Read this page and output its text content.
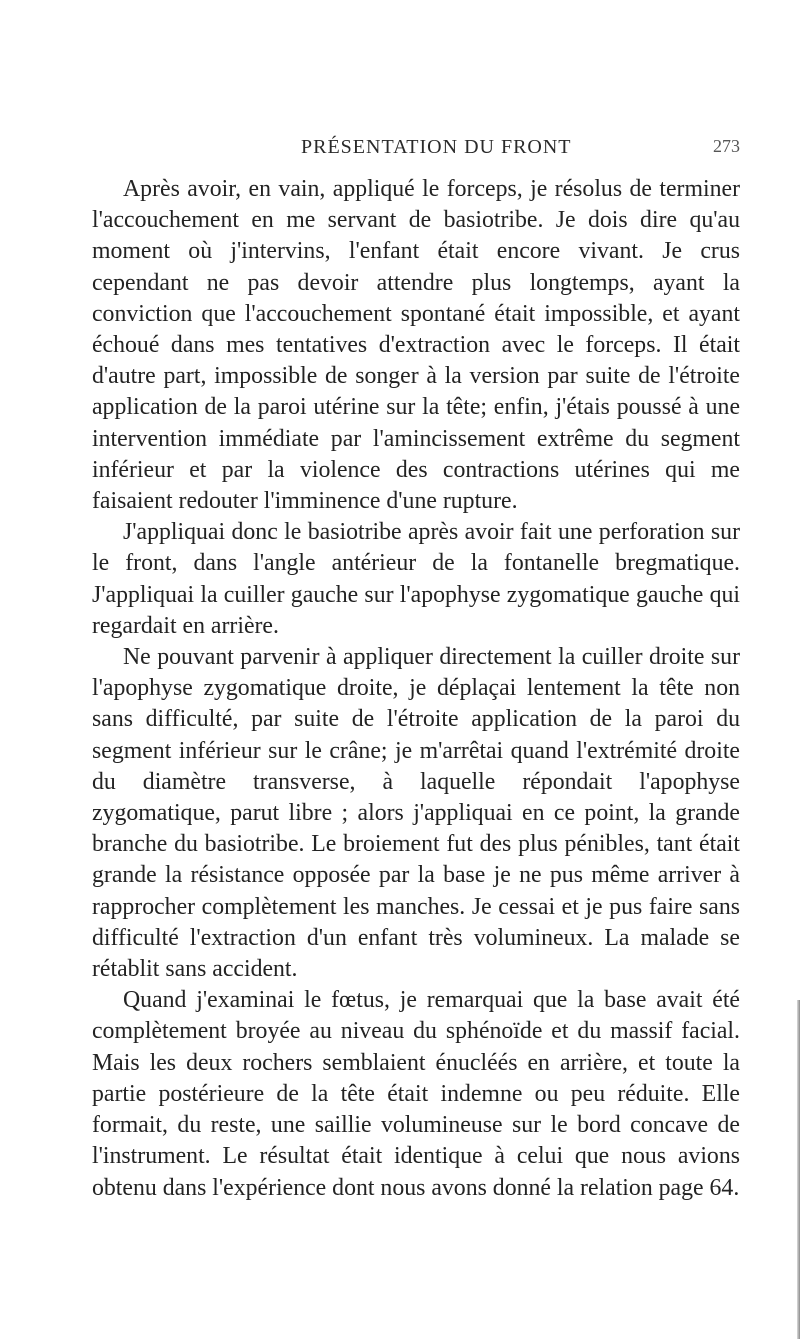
PRÉSENTATION DU FRONT	273

Après avoir, en vain, appliqué le forceps, je résolus de terminer l'accouchement en me servant de basiotribe. Je dois dire qu'au moment où j'intervins, l'enfant était encore vivant. Je crus cependant ne pas devoir attendre plus longtemps, ayant la conviction que l'accouchement spontané était impossible, et ayant échoué dans mes tentatives d'extraction avec le forceps. Il était d'autre part, impossible de songer à la version par suite de l'étroite application de la paroi utérine sur la tête; enfin, j'étais poussé à une intervention immédiate par l'amincissement extrême du segment inférieur et par la violence des contractions utérines qui me faisaient redouter l'imminence d'une rupture.

J'appliquai donc le basiotribe après avoir fait une perforation sur le front, dans l'angle antérieur de la fontanelle bregmatique. J'appliquai la cuiller gauche sur l'apophyse zygomatique gauche qui regardait en arrière.

Ne pouvant parvenir à appliquer directement la cuiller droite sur l'apophyse zygomatique droite, je déplaçai lentement la tête non sans difficulté, par suite de l'étroite application de la paroi du segment inférieur sur le crâne; je m'arrêtai quand l'extrémité droite du diamètre transverse, à laquelle répondait l'apophyse zygomatique, parut libre ; alors j'appliquai en ce point, la grande branche du basiotribe. Le broiement fut des plus pénibles, tant était grande la résistance opposée par la base je ne pus même arriver à rapprocher complètement les manches. Je cessai et je pus faire sans difficulté l'extraction d'un enfant très volumineux. La malade se rétablit sans accident.

Quand j'examinai le fœtus, je remarquai que la base avait été complètement broyée au niveau du sphénoïde et du massif facial. Mais les deux rochers semblaient énucléés en arrière, et toute la partie postérieure de la tête était indemne ou peu réduite. Elle formait, du reste, une saillie volumineuse sur le bord concave de l'instrument. Le résultat était identique à celui que nous avions obtenu dans l'expérience dont nous avons donné la relation page 64.
